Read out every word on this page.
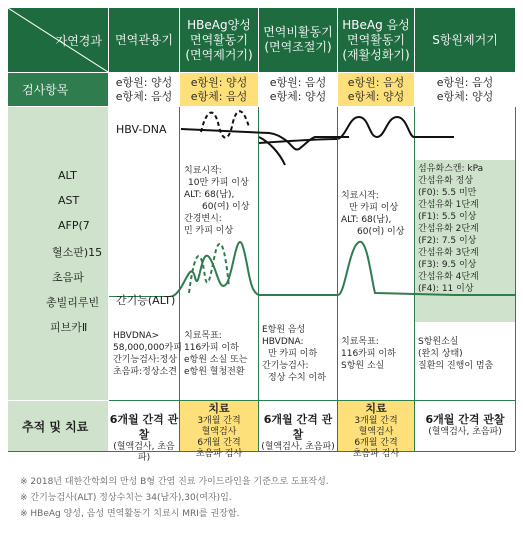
자연경과
검사항목
면역관용기
HBeAg양성
면역활동기
(면역제거기)
면역비활동기
(면역조절기)
HBeAg 음성
면역활동기
(재활성화기)
S항원제거기
e항원: 양성
e항체: 음성
e항원: 양성
e항체: 음성
e항원: 음성
e항체: 양성
e항원: 음성
e항체: 양성
e항원: 음성
e항체: 양성
ALT
AST
AFP(7
혈소판)15
초음파
총빌리루빈
피브카Ⅱ
HBV-DNA
간기능(ALT)
HBVDNA>
58,000,000카피
간기능검사:정상
초음파:정상소견
치료시작:
10만 카피 이상
ALT: 68(남),
60(여) 이상
간경변시:
민 카피 이상
치료목표:
116카피 이하
e항원 소실 또는
e항원 혈청전환
E항원 음성
HBVDNA:
만 카피 이하
간기능검사:
정상 수치 이하
치료시작:
만 카피 이상
ALT: 68(남),
60(여) 이상
치료목표:
116카피 이하
S항원 소실
섬유화스캔: kPa
간섬유화 정상
(F0): 5.5 미만
간섬유화 1단계
(F1): 5.5 이상
간섬유화 2단계
(F2): 7.5 이상
간섬유화 3단계
(F3): 9.5 이상
간섬유화 4단계
(F4): 11 이상
S항원소실
(완치 상태)
질환의 진행이 멈춤
추적 및 치료	6개월 간격 관찰
(혈액검사, 초음파)
치료
3개월 간격
혈액검사
6개월 간격
초음파 검사
6개월 간격 관찰
(혈액검사, 초음파)
치료
3개월 간격
혈액검사
6개월 간격
초음파 검사
6개월 간격 관찰
(혈액검사, 초음파)
※ 2018년 대한간학회의 만성 B형 간염 진료 가이드라인을 기준으로 도표작성.
※ 간기능검사(ALT) 정상수치는 34(남자),30(여자)임.
※ HBeAg 양성, 음성 면역활동기 치료시 MRI를 권장함.
